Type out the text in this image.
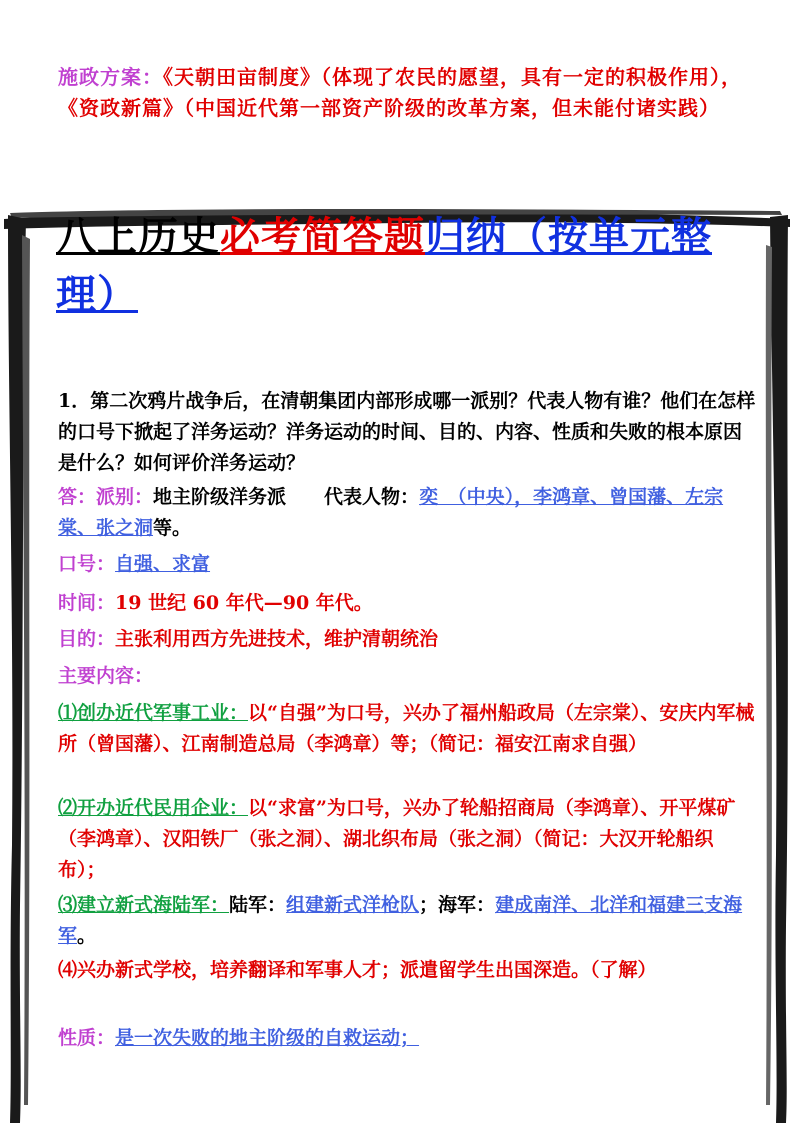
施政方案：《天朝田亩制度》（体现了农民的愿望，具有一定的积极作用），《资政新篇》（中国近代第一部资产阶级的改革方案，但未能付诸实践）
八上历史必考简答题归纳（按单元整理）
1．第二次鸦片战争后，在清朝集团内部形成哪一派别？代表人物有谁？他们在怎样的口号下掀起了洋务运动？洋务运动的时间、目的、内容、性质和失败的根本原因是什么？如何评价洋务运动？
答：派别：地主阶级洋务派　　 代表人物：奕　（中央），李鸿章、曾国藩、左宗棠、张之洞等。
口号：自强、求富
时间：19 世纪 60 年代—90 年代。
目的：主张利用西方先进技术，维护清朝统治
主要内容：
⑴创办近代军事工业：以“自强”为口号，兴办了福州船政局（左宗棠）、安庆内军械所（曾国藩）、江南制造总局（李鸿章）等；（简记：福安江南求自强）
⑵开办近代民用企业：以“求富”为口号，兴办了轮船招商局（李鸿章）、开平煤矿（李鸿章）、汉阳铁厂（张之洞）、湖北织布局（张之洞）（简记：大汉开轮船织布）；
⑶建立新式海陆军：陆军：组建新式洋枪队；海军：建成南洋、北洋和福建三支海军。
⑷兴办新式学校，培养翻译和军事人才；派遣留学生出国深造。（了解）
性质：是一次失败的地主阶级的自救运动；
